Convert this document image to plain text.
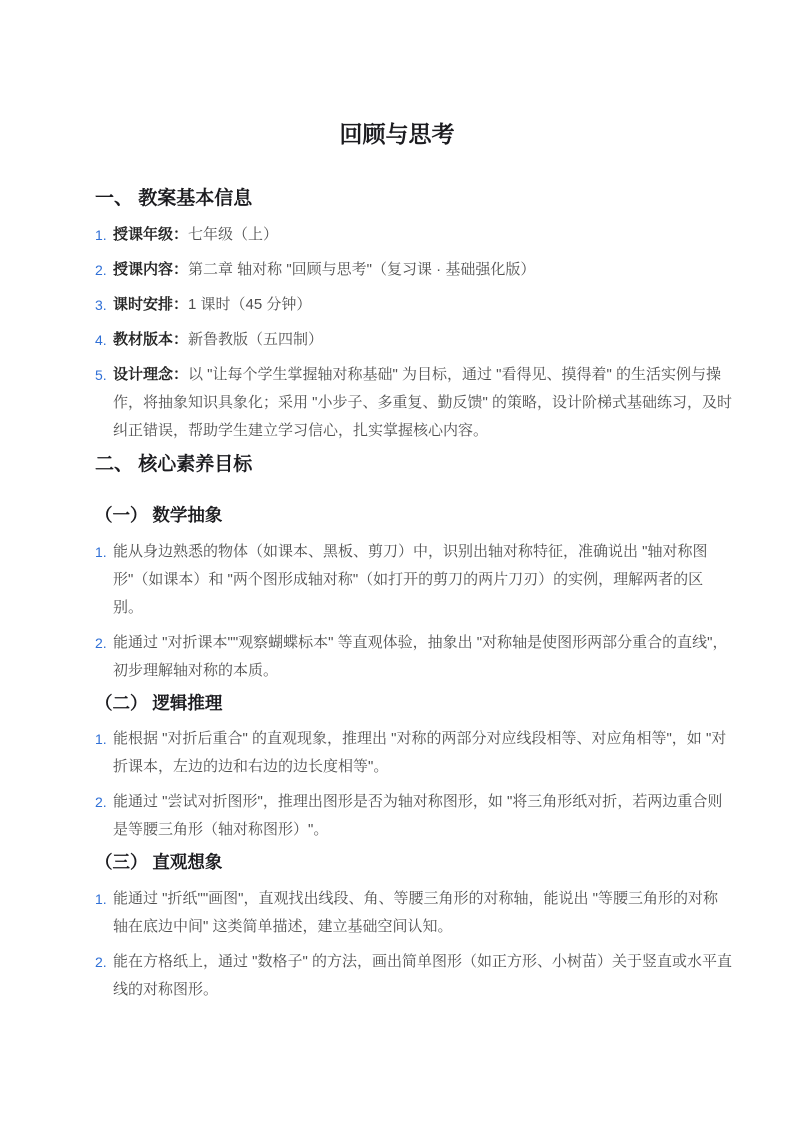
回顾与思考
一、 教案基本信息
1. 授课年级：七年级（上）
2. 授课内容：第二章 轴对称 "回顾与思考"（复习课 · 基础强化版）
3. 课时安排：1 课时（45 分钟）
4. 教材版本：新鲁教版（五四制）
5. 设计理念：以 "让每个学生掌握轴对称基础" 为目标，通过 "看得见、摸得着" 的生活实例与操作，将抽象知识具象化；采用 "小步子、多重复、勤反馈" 的策略，设计阶梯式基础练习，及时纠正错误，帮助学生建立学习信心，扎实掌握核心内容。
二、 核心素养目标
（一） 数学抽象
1. 能从身边熟悉的物体（如课本、黑板、剪刀）中，识别出轴对称特征，准确说出 "轴对称图形"（如课本）和 "两个图形成轴对称"（如打开的剪刀的两片刀刃）的实例，理解两者的区别。
2. 能通过 "对折课本""观察蝴蝶标本" 等直观体验，抽象出 "对称轴是使图形两部分重合的直线"，初步理解轴对称的本质。
（二） 逻辑推理
1. 能根据 "对折后重合" 的直观现象，推理出 "对称的两部分对应线段相等、对应角相等"，如 "对折课本，左边的边和右边的边长度相等"。
2. 能通过 "尝试对折图形"，推理出图形是否为轴对称图形，如 "将三角形纸对折，若两边重合则是等腰三角形（轴对称图形）"。
（三） 直观想象
1. 能通过 "折纸""画图"，直观找出线段、角、等腰三角形的对称轴，能说出 "等腰三角形的对称轴在底边中间" 这类简单描述，建立基础空间认知。
2. 能在方格纸上，通过 "数格子" 的方法，画出简单图形（如正方形、小树苗）关于竖直或水平直线的对称图形。
